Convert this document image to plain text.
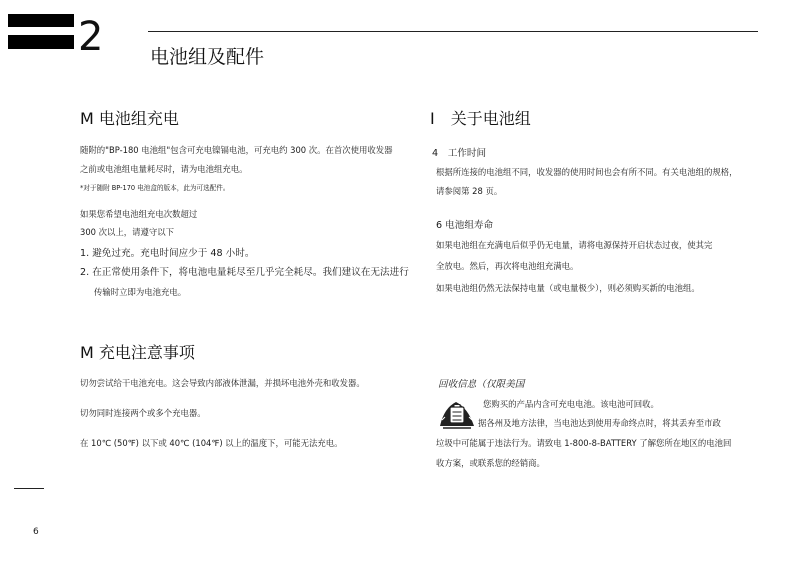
2 电池组及配件
M 电池组充电
随附的"BP-180 电池组"包含可充电镍镉电池，可充电约 300 次。在首次使用收发器
之前或电池组电量耗尽时，请为电池组充电。
*对于随附 BP-170 电池盒的版本，此为可选配件。
如果您希望电池组充电次数超过
300 次以上，请遵守以下
1. 避免过充。充电时间应少于 48 小时。
2. 在正常使用条件下，将电池电量耗尽至几乎完全耗尽。我们建议在无法进行
传输时立即为电池充电。
M 充电注意事项
切勿尝试给干电池充电。这会导致内部液体泄漏，并损坏电池外壳和收发器。
切勿同时连接两个或多个充电器。
在 10℃ (50℉) 以下或 40℃ (104℉) 以上的温度下，可能无法充电。
I　关于电池组
4　工作时间
根据所连接的电池组不同，收发器的使用时间也会有所不同。有关电池组的规格，
请参阅第 28 页。
6 电池组寿命
如果电池组在充满电后似乎仍无电量，请将电源保持开启状态过夜，使其完
全放电。然后，再次将电池组充满电。
如果电池组仍然无法保持电量（或电量极少），则必须购买新的电池组。
回收信息（仅限美国
您购买的产品内含可充电电池。该电池可回收。
据各州及地方法律，当电池达到使用寿命终点时，将其丢弃至市政
垃圾中可能属于违法行为。请致电 1-800-8-BATTERY 了解您所在地区的电池回
收方案，或联系您的经销商。
6
